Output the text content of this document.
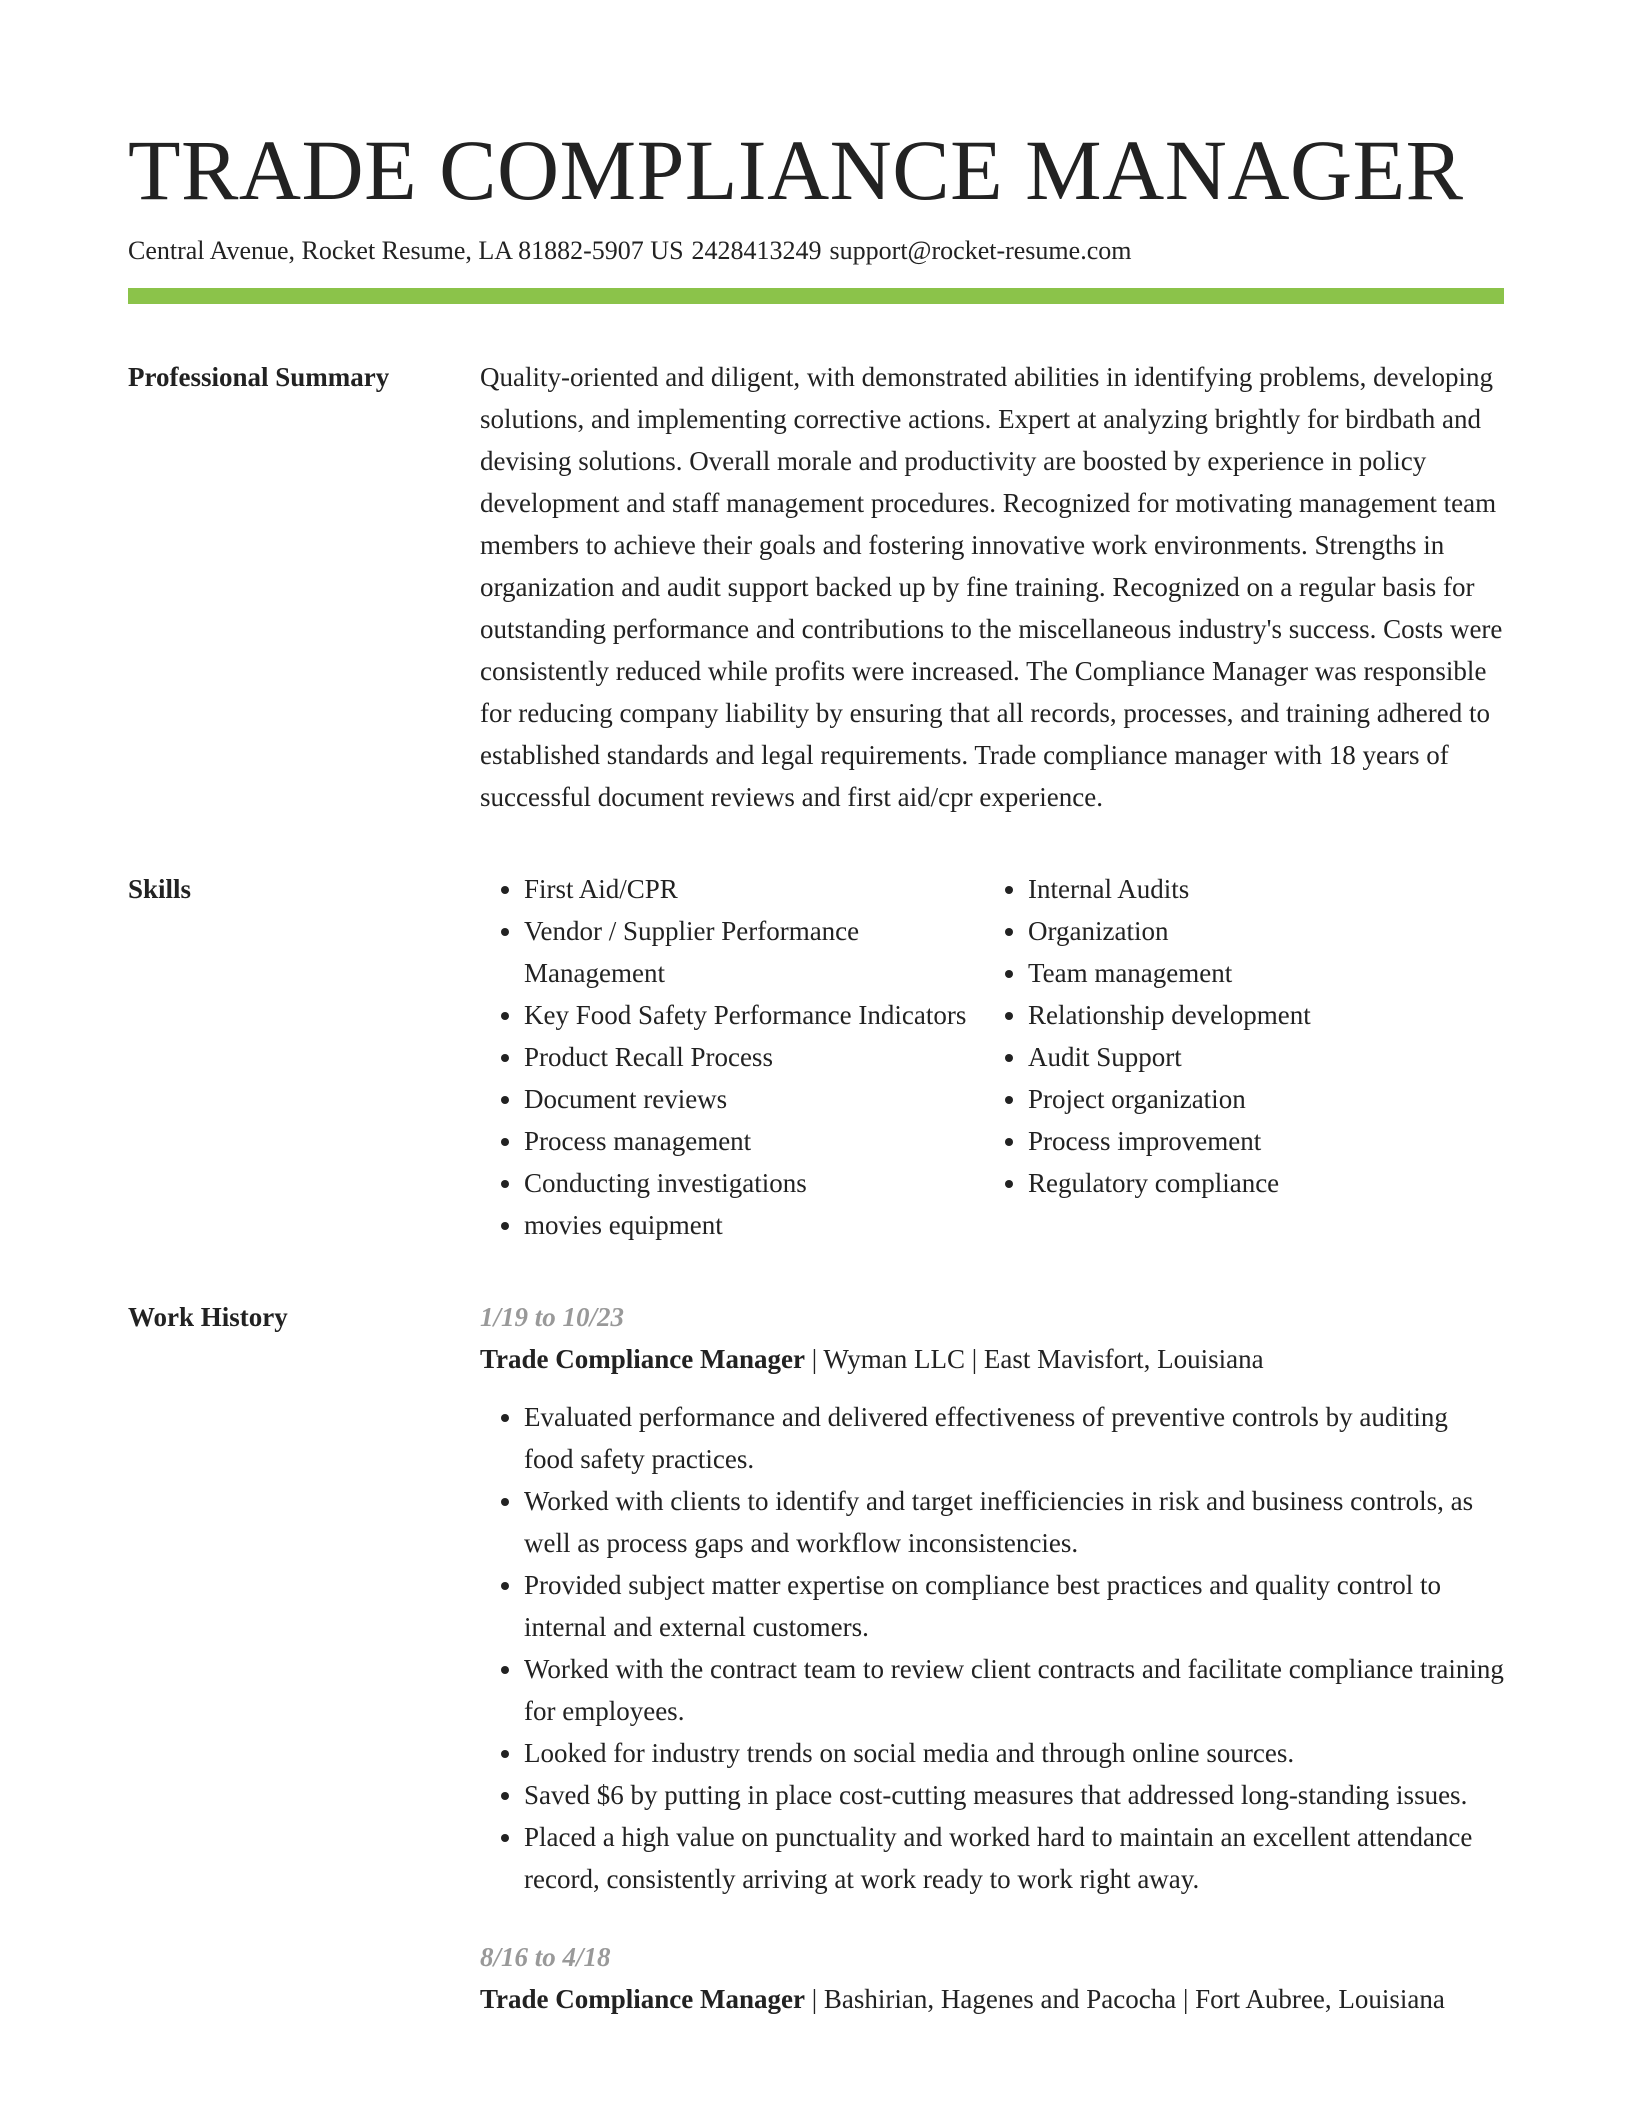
TRADE COMPLIANCE MANAGER
Central Avenue, Rocket Resume, LA 81882-5907 US 2428413249 support@rocket-resume.com
Professional Summary	Quality-oriented and diligent, with demonstrated abilities in identifying problems, developing solutions, and implementing corrective actions. Expert at analyzing brightly for birdbath and devising solutions. Overall morale and productivity are boosted by experience in policy development and staff management procedures. Recognized for motivating management team members to achieve their goals and fostering innovative work environments. Strengths in organization and audit support backed up by fine training. Recognized on a regular basis for outstanding performance and contributions to the miscellaneous industry's success. Costs were consistently reduced while profits were increased. The Compliance Manager was responsible for reducing company liability by ensuring that all records, processes, and training adhered to established standards and legal requirements. Trade compliance manager with 18 years of successful document reviews and first aid/cpr experience.

Skills
•	First Aid/CPR
• Vendor / Supplier Performance Management
• Key Food Safety Performance Indicators
• Product Recall Process
• Document reviews
• Process management
• Conducting investigations
• movies equipment
• Internal Audits
• Organization
• Team management
• Relationship development
• Audit Support
• Project organization
• Process improvement
• Regulatory compliance
Work History	1/19 to 10/23
Trade Compliance Manager | Wyman LLC | East Mavisfort, Louisiana
• Evaluated performance and delivered effectiveness of preventive controls by auditing food safety practices.
• Worked with clients to identify and target inefficiencies in risk and business controls, as well as process gaps and workflow inconsistencies.
• Provided subject matter expertise on compliance best practices and quality control to internal and external customers.
• Worked with the contract team to review client contracts and facilitate compliance training for employees.
• Looked for industry trends on social media and through online sources.
• Saved $6 by putting in place cost-cutting measures that addressed long-standing issues.
• Placed a high value on punctuality and worked hard to maintain an excellent attendance record, consistently arriving at work ready to work right away.
8/16 to 4/18
Trade Compliance Manager | Bashirian, Hagenes and Pacocha | Fort Aubree, Louisiana
